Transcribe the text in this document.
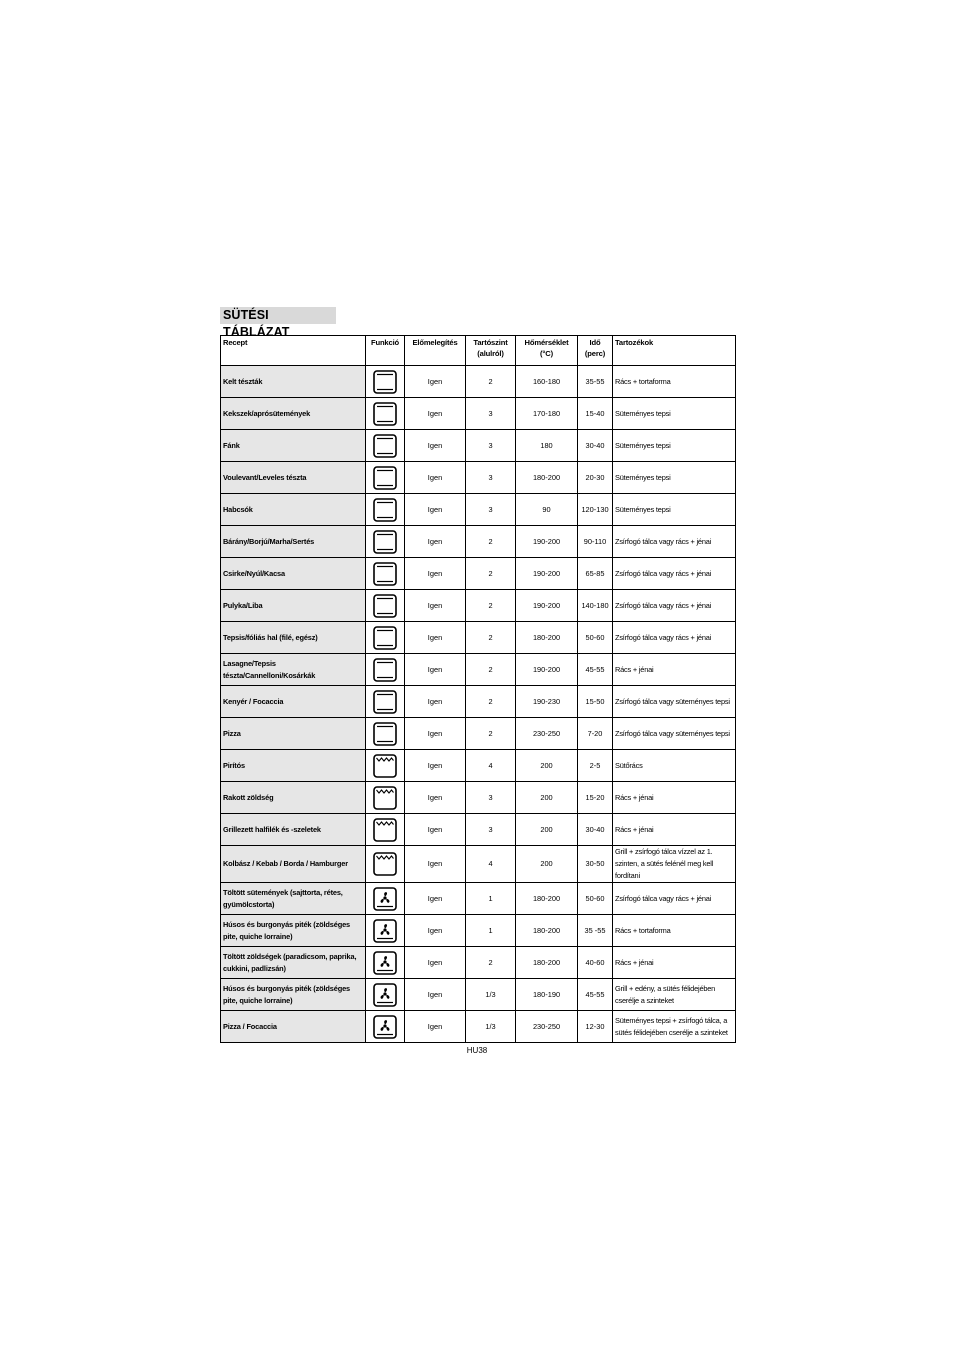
SÜTÉSI TÁBLÁZAT
Recept	Funkció	Előmelegítés	Tartószint (alulról)	Hőmérséklet (°C)	Idő (perc)	Tartozékok
Kelt tészták		Igen	2	160-180	35-55	Rács + tortaforma
Kekszek/aprósütemények		Igen	3	170-180	15-40	Süteményes tepsi
Fánk		Igen	3	180	30-40	Süteményes tepsi
Voulevant/Leveles tészta		Igen	3	180-200	20-30	Süteményes tepsi
Habcsók		Igen	3	90	120-130	Süteményes tepsi
Bárány/Borjú/Marha/Sertés		Igen	2	190-200	90-110	Zsírfogó tálca vagy rács + jénai
Csirke/Nyúl/Kacsa		Igen	2	190-200	65-85	Zsírfogó tálca vagy rács + jénai
Pulyka/Liba		Igen	2	190-200	140-180	Zsírfogó tálca vagy rács + jénai
Tepsis/fóliás hal (filé, egész)		Igen	2	180-200	50-60	Zsírfogó tálca vagy rács + jénai
Lasagne/Tepsis tészta/Cannelloni/Kosárkák		Igen	2	190-200	45-55	Rács + jénai
Kenyér / Focaccia		Igen	2	190-230	15-50	Zsírfogó tálca vagy süteményes tepsi
Pizza		Igen	2	230-250	7-20	Zsírfogó tálca vagy süteményes tepsi
Pirítós		Igen	4	200	2-5	Sütőrács
Rakott zöldség		Igen	3	200	15-20	Rács + jénai
Grillezett halfilék és -szeletek		Igen	3	200	30-40	Rács + jénai
Kolbász / Kebab / Borda / Hamburger		Igen	4	200	30-50	Grill + zsírfogó tálca vízzel az 1. szinten, a sütés felénél meg kell fordítani
Töltött sütemények (sajttorta, rétes, gyümölcstorta)		Igen	1	180-200	50-60	Zsírfogó tálca vagy rács + jénai
Húsos és burgonyás piték (zöldséges pite, quiche lorraine)		Igen	1	180-200	35 -55	Rács + tortaforma
Töltött zöldségek (paradicsom, paprika, cukkini, padlizsán)		Igen	2	180-200	40-60	Rács + jénai
Húsos és burgonyás piték (zöldséges pite, quiche lorraine)		Igen	1/3	180-190	45-55	Grill + edény, a sütés félidejében cserélje a szinteket
Pizza / Focaccia		Igen	1/3	230-250	12-30	Süteményes tepsi + zsírfogó tálca, a sütés félidejében cserélje a szinteket
HU38
